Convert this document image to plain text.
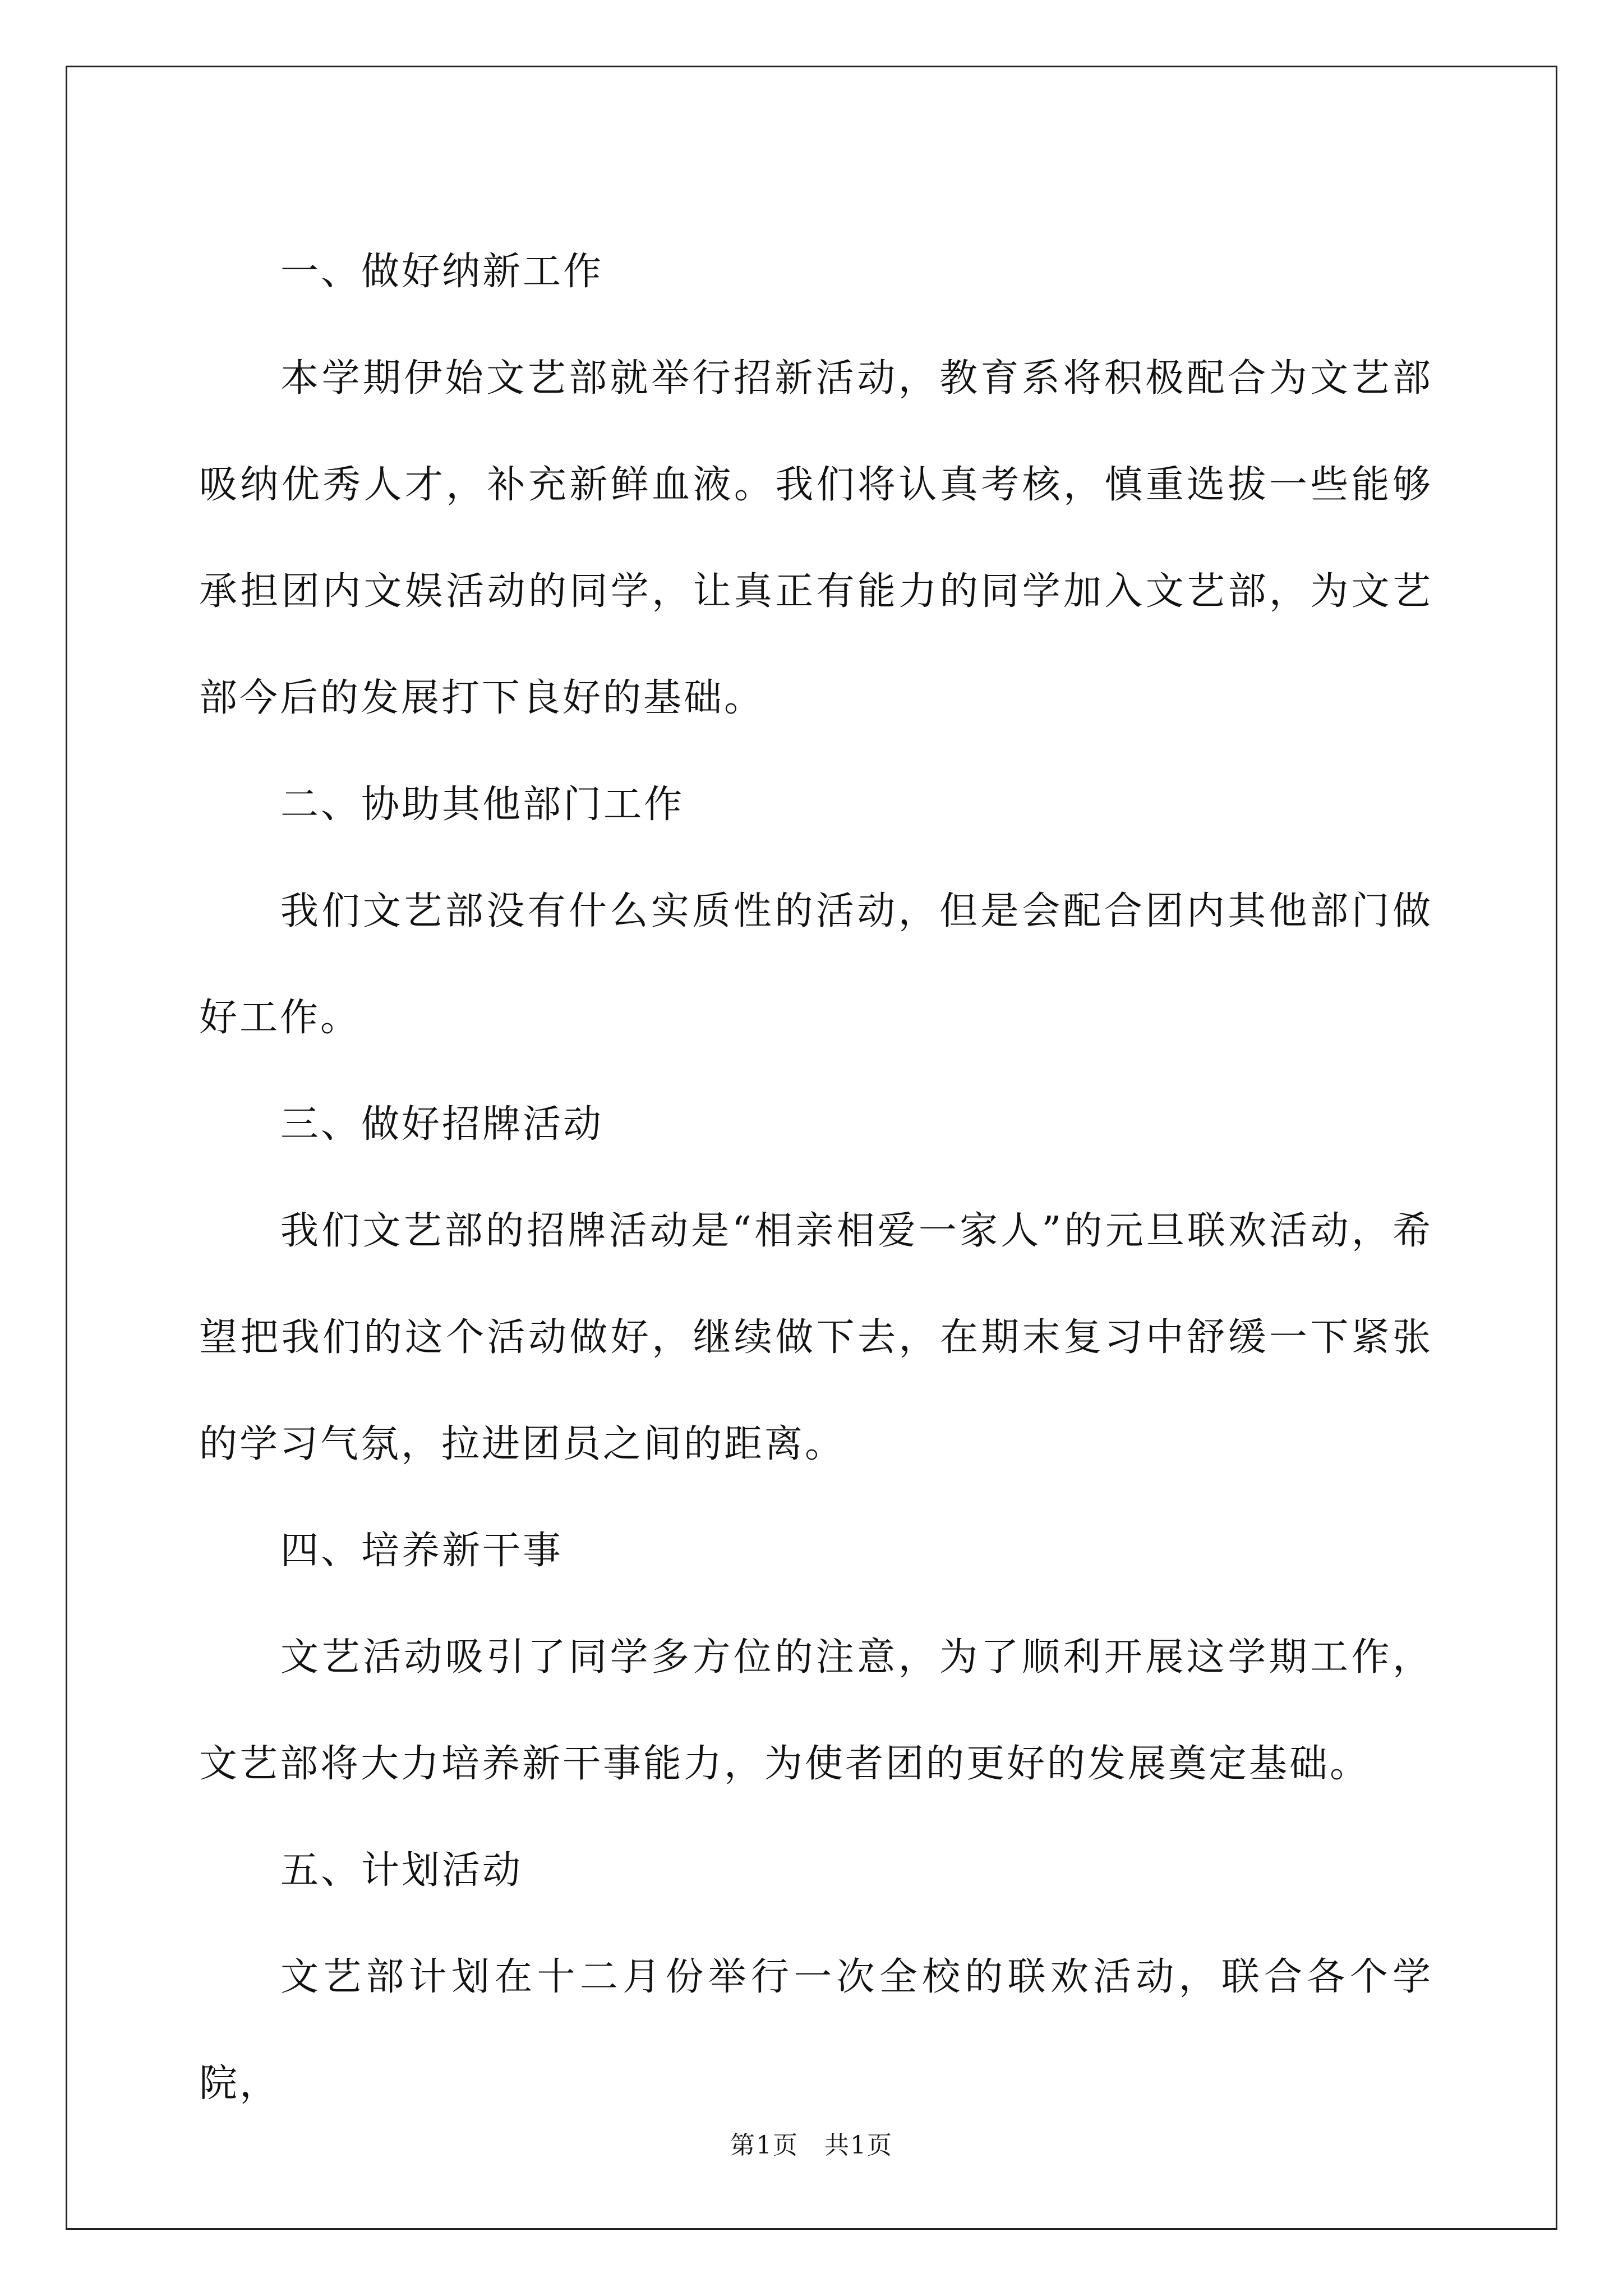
一、做好纳新工作

本学期伊始文艺部就举行招新活动，教育系将积极配合为文艺部吸纳优秀人才，补充新鲜血液。我们将认真考核，慎重选拔一些能够承担团内文娱活动的同学，让真正有能力的同学加入文艺部，为文艺部今后的发展打下良好的基础。

二、协助其他部门工作

我们文艺部没有什么实质性的活动，但是会配合团内其他部门做好工作。

三、做好招牌活动

我们文艺部的招牌活动是“相亲相爱一家人”的元旦联欢活动，希望把我们的这个活动做好，继续做下去，在期末复习中舒缓一下紧张的学习气氛，拉进团员之间的距离。

四、培养新干事

文艺活动吸引了同学多方位的注意，为了顺利开展这学期工作，文艺部将大力培养新干事能力，为使者团的更好的发展奠定基础。

五、计划活动

文艺部计划在十二月份举行一次全校的联欢活动，联合各个学院，

第1页　共1页
